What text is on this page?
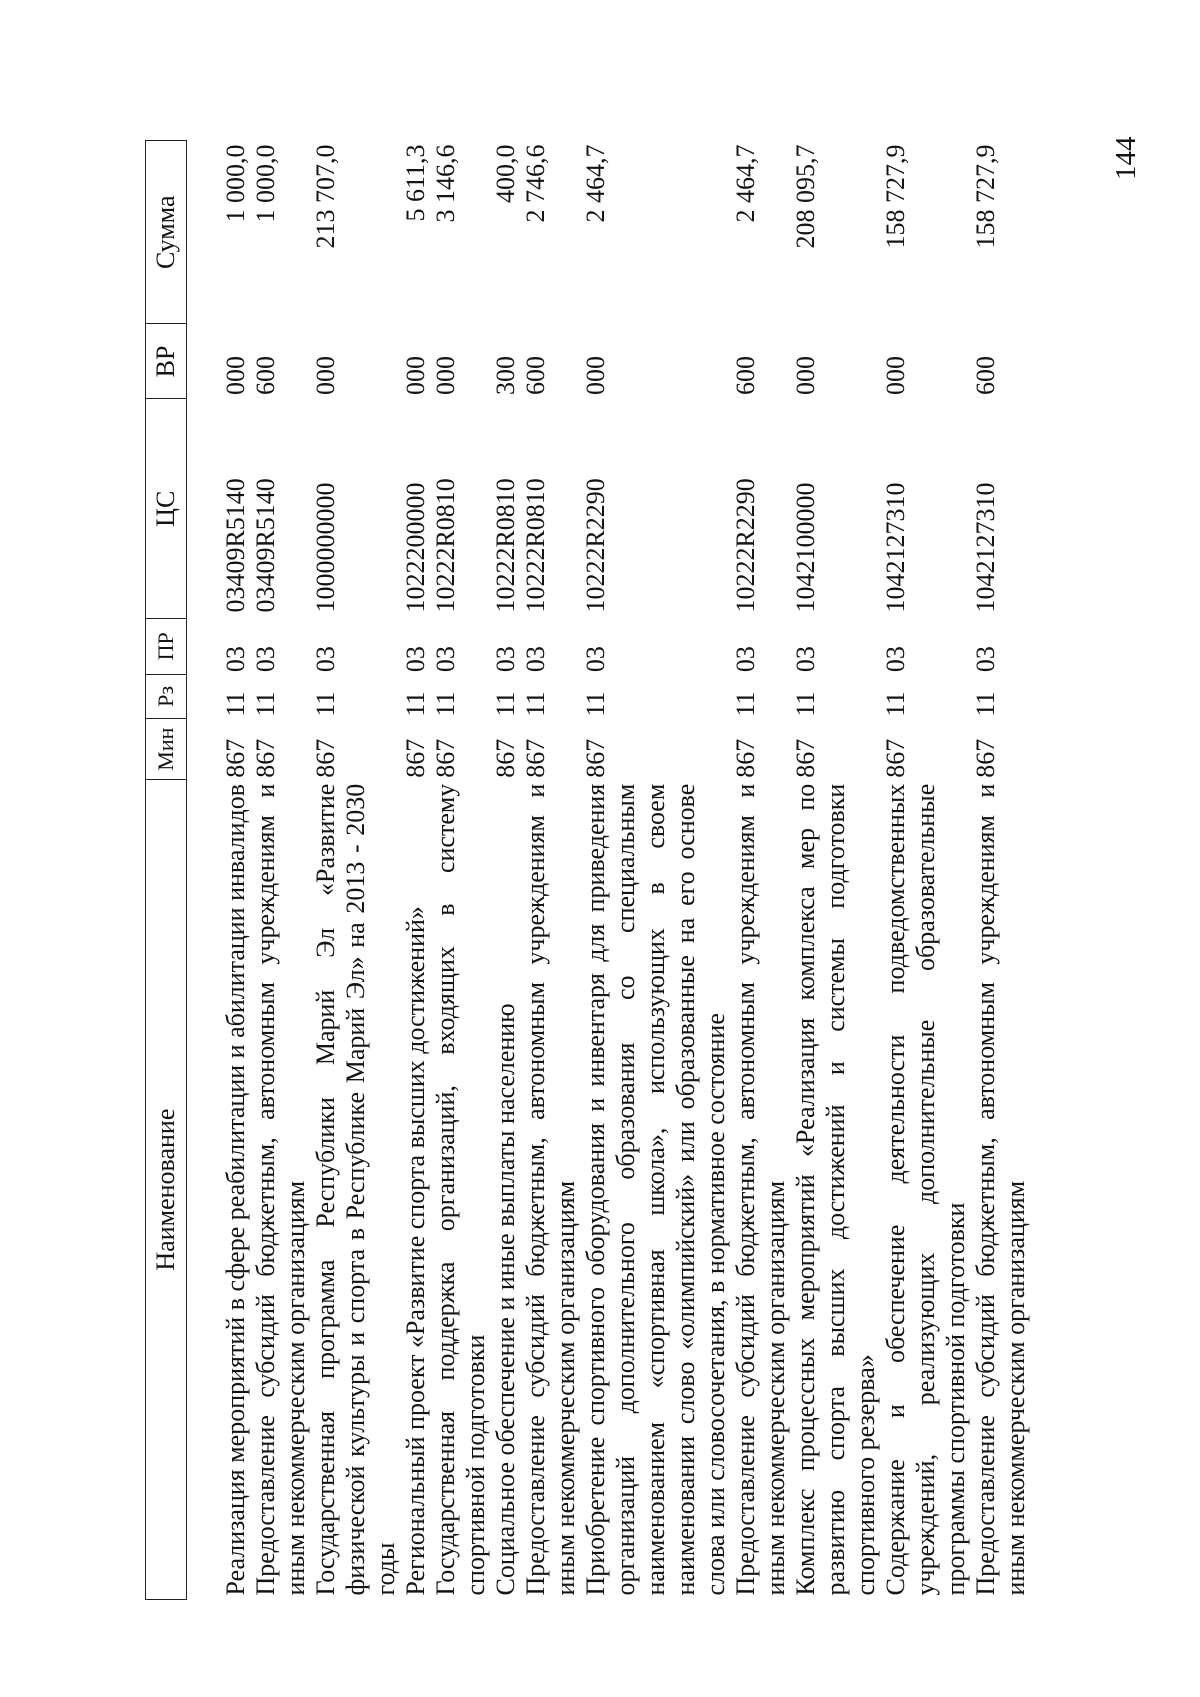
144
Наименование	Мин	Рз	ПР	ЦС	ВР	Сумма
Реализация мероприятий в сфере реабилитации и абилитации инвалидов	867	11	03	03409R5140	000	1 000,0
Предоставление субсидий бюджетным, автономным учреждениям и иным некоммерческим организациям	867	11	03	03409R5140	600	1 000,0
Государственная программа Республики Марий Эл «Развитие физической культуры и спорта в Республике Марий Эл» на 2013 - 2030 годы	867	11	03	1000000000	000	213 707,0
Региональный проект «Развитие спорта высших достижений»	867	11	03	1022200000	000	5 611,3
Государственная поддержка организаций, входящих в систему спортивной подготовки	867	11	03	10222R0810	000	3 146,6
Социальное обеспечение и иные выплаты населению	867	11	03	10222R0810	300	400,0
Предоставление субсидий бюджетным, автономным учреждениям и иным некоммерческим организациям	867	11	03	10222R0810	600	2 746,6
Приобретение спортивного оборудования и инвентаря для приведения организаций дополнительного образования со специальным наименованием «спортивная школа», использующих в своем наименовании слово «олимпийский» или образованные на его основе слова или словосочетания, в нормативное состояние	867	11	03	10222R2290	000	2 464,7
Предоставление субсидий бюджетным, автономным учреждениям и иным некоммерческим организациям	867	11	03	10222R2290	600	2 464,7
Комплекс процессных мероприятий «Реализация комплекса мер по развитию спорта высших достижений и системы подготовки спортивного резерва»	867	11	03	1042100000	000	208 095,7
Содержание и обеспечение деятельности подведомственных учреждений, реализующих дополнительные образовательные программы спортивной подготовки	867	11	03	1042127310	000	158 727,9
Предоставление субсидий бюджетным, автономным учреждениям и иным некоммерческим организациям	867	11	03	1042127310	600	158 727,9
